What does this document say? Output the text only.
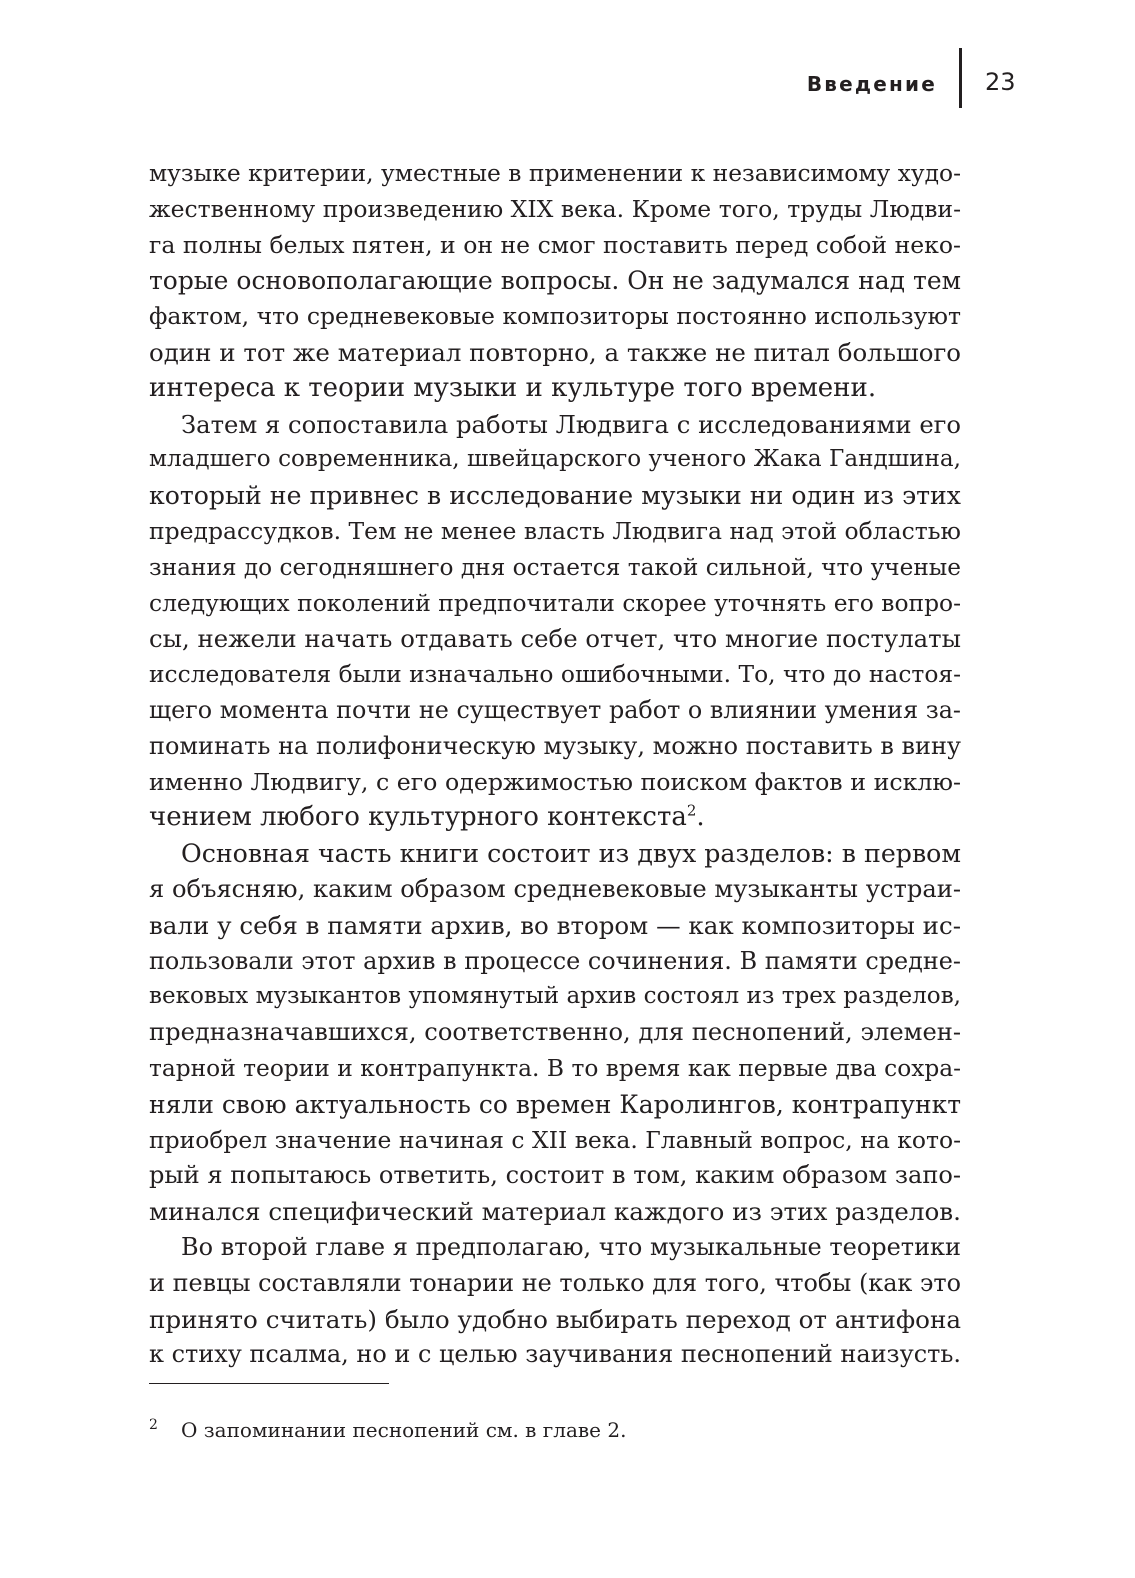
Введение 23
музыке критерии, уместные в применении к независимому худо-
жественному произведению XIX века. Кроме того, труды Людви-
га полны белых пятен, и он не смог поставить перед собой неко-
торые основополагающие вопросы. Он не задумался над тем
фактом, что средневековые композиторы постоянно используют
один и тот же материал повторно, а также не питал большого
интереса к теории музыки и культуре того времени.
Затем я сопоставила работы Людвига с исследованиями его
младшего современника, швейцарского ученого Жака Гандшина,
который не привнес в исследование музыки ни один из этих
предрассудков. Тем не менее власть Людвига над этой областью
знания до сегодняшнего дня остается такой сильной, что ученые
следующих поколений предпочитали скорее уточнять его вопро-
сы, нежели начать отдавать себе отчет, что многие постулаты
исследователя были изначально ошибочными. То, что до настоя-
щего момента почти не существует работ о влиянии умения за-
поминать на полифоническую музыку, можно поставить в вину
именно Людвигу, с его одержимостью поиском фактов и исклю-
чением любого культурного контекста$^2$.
Основная часть книги состоит из двух разделов: в первом
я объясняю, каким образом средневековые музыканты устраи-
вали у себя в памяти архив, во втором — как композиторы ис-
пользовали этот архив в процессе сочинения. В памяти средне-
вековых музыкантов упомянутый архив состоял из трех разделов,
предназначавшихся, соответственно, для песнопений, элемен-
тарной теории и контрапункта. В то время как первые два сохра-
няли свою актуальность со времен Каролингов, контрапункт
приобрел значение начиная с XII века. Главный вопрос, на кото-
рый я попытаюсь ответить, состоит в том, каким образом запо-
минался специфический материал каждого из этих разделов.
Во второй главе я предполагаю, что музыкальные теоретики
и певцы составляли тонарии не только для того, чтобы (как это
принято считать) было удобно выбирать переход от антифона
к стиху псалма, но и с целью заучивания песнопений наизусть.
2 О запоминании песнопений см. в главе 2.
